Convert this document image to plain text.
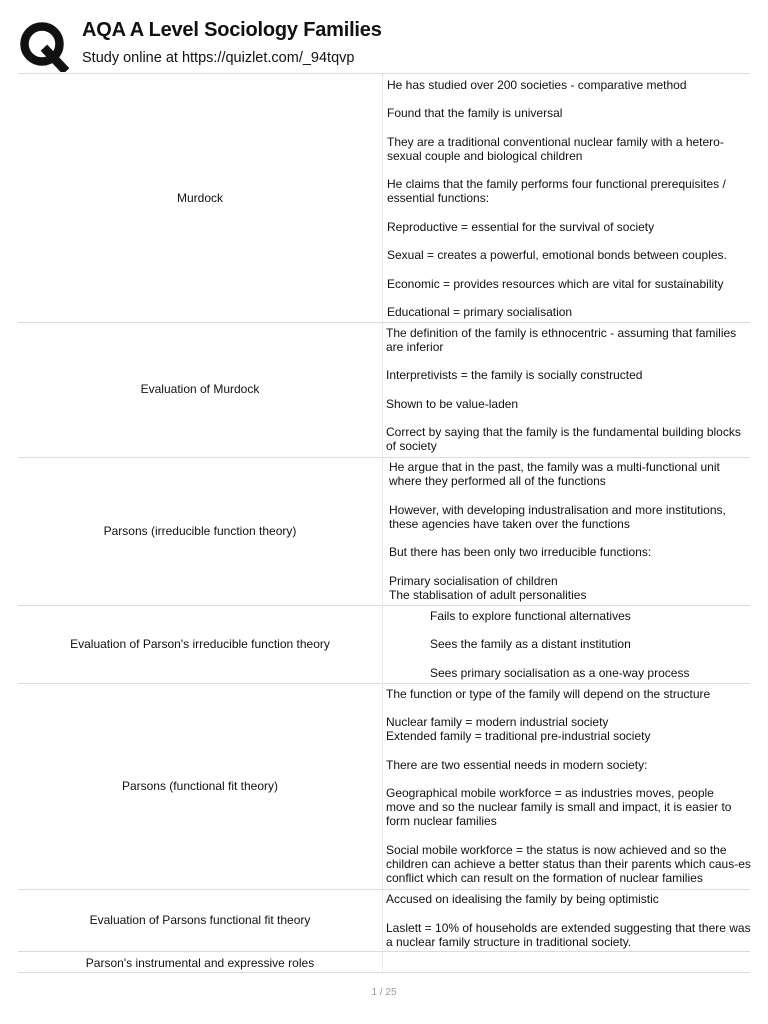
AQA A Level Sociology Families
Study online at https://quizlet.com/_94tqvp
Murdock

He has studied over 200 societies - comparative method

Found that the family is universal

They are a traditional conventional nuclear family with a hetero-sexual couple and biological children

He claims that the family performs four functional prerequisites / essential functions:

Reproductive = essential for the survival of society

Sexual = creates a powerful, emotional bonds between couples.

Economic = provides resources which are vital for sustainability

Educational = primary socialisation

Evaluation of Murdock

The definition of the family is ethnocentric - assuming that families are inferior

Interpretivists = the family is socially constructed

Shown to be value-laden

Correct by saying that the family is the fundamental building blocks of society

Parsons (irreducible function theory)

He argue that in the past, the family was a multi-functional unit where they performed all of the functions

However, with developing industralisation and more institutions, these agencies have taken over the functions

But there has been only two irreducible functions:

Primary socialisation of children
The stablisation of adult personalities

Evaluation of Parson's irreducible function theory

Fails to explore functional alternatives

Sees the family as a distant institution

Sees primary socialisation as a one-way process

Parsons (functional fit theory)

The function or type of the family will depend on the structure

Nuclear family = modern industrial society
Extended family = traditional pre-industrial society

There are two essential needs in modern society:

Geographical mobile workforce = as industries moves, people move and so the nuclear family is small and impact, it is easier to form nuclear families

Social mobile workforce = the status is now achieved and so the children can achieve a better status than their parents which caus-es conflict which can result on the formation of nuclear families

Evaluation of Parsons functional fit theory

Accused on idealising the family by being optimistic

Laslett = 10% of households are extended suggesting that there was a nuclear family structure in traditional society.

Parson's instrumental and expressive roles
1 / 25
